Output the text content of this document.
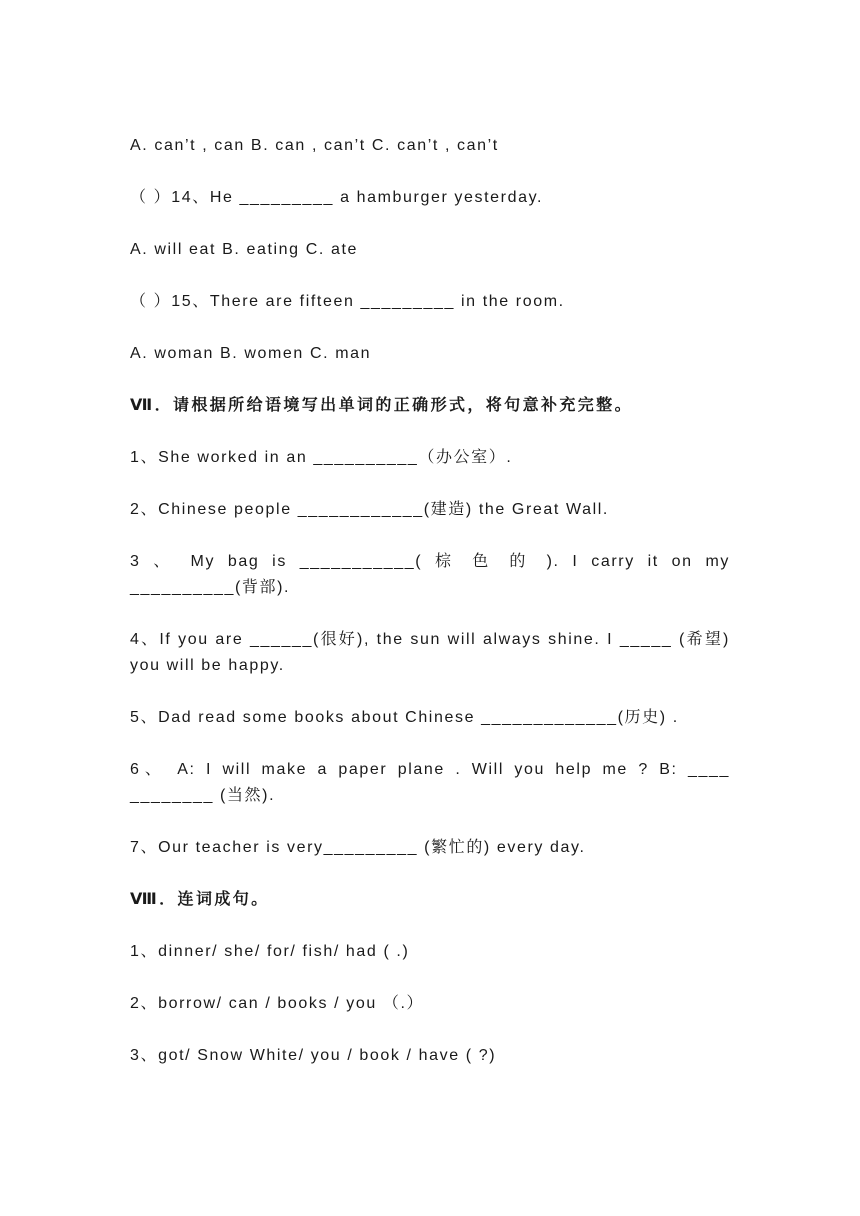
A. can’t , can B. can , can’t C. can’t , can’t
（ ）14、He _________ a hamburger yesterday.
A. will eat B. eating C. ate
（ ）15、There are fifteen _________ in the room.
A. woman B. women C. man
Ⅶ．请根据所给语境写出单词的正确形式，将句意补充完整。
1、She worked in an __________（办公室）.
2、Chinese people ____________(建造) the Great Wall.
3 、 My bag is ___________( 棕 色 的 ). I carry it on my __________(背部).
4、If you are ______(很好), the sun will always shine. I _____ (希望) you will be happy.
5、Dad read some books about Chinese _____________(历史) .
6、 A: I will make a paper plane . Will you help me ? B: ____ ________ (当然).
7、Our teacher is very_________ (繁忙的) every day.
Ⅷ．连词成句。
1、dinner/ she/ for/ fish/ had ( .)
2、borrow/ can / books / you （.）
3、got/ Snow White/ you / book / have ( ?)
